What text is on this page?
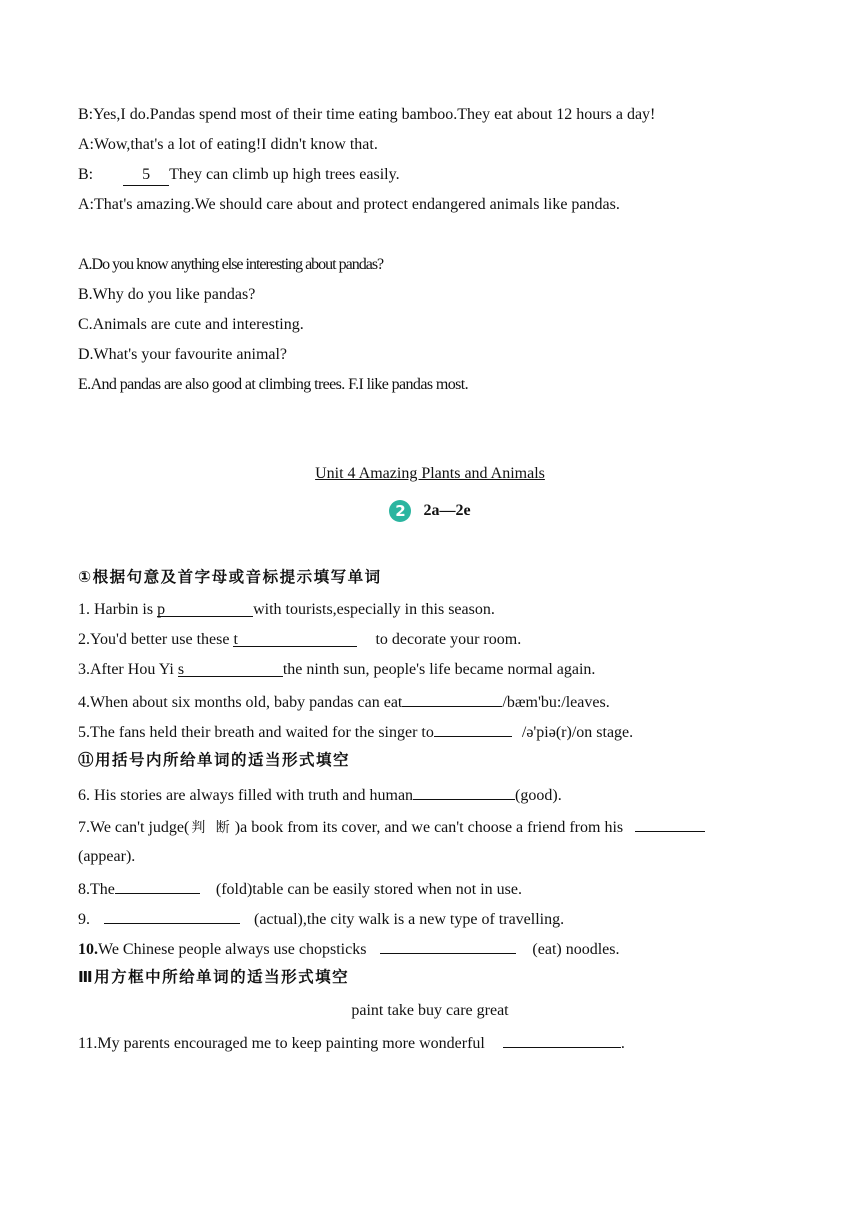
B:Yes,I do.Pandas spend most of their time eating bamboo.They eat about 12 hours a day!
A:Wow,that's a lot of eating!I didn't know that.
B:	5 They can climb up high trees easily.
A:That's amazing.We should care about and protect endangered animals like pandas.
A.Do you know anything else interesting about pandas?
B.Why do you like pandas?
C.Animals are cute and interesting.
D.What's your favourite animal?
E.And pandas are also good at climbing trees. F.I like pandas most.
Unit 4 Amazing Plants and Animals
2 2a—2e
①根据句意及首字母或音标提示填写单词
1. Harbin is p	with tourists,especially in this season.
2.You'd better use these t	to decorate your room.
3.After Hou Yi s	the ninth sun, people's life became normal again.
4.When about six months old, baby pandas can eat	/bæm'bu:/leaves.
5.The fans held their breath and waited for the singer to	/ə'piə(r)/on stage.
⑪用括号内所给单词的适当形式填空
6. His stories are always filled with truth and human	(good).
7.We can't judge( 判 断 )a book from its cover, and we can't choose a friend from his
(appear).
8.The	(fold)table can be easily stored when not in use.
9.	(actual),the city walk is a new type of travelling.
10.We Chinese people always use chopsticks	(eat) noodles.
Ⅲ用方框中所给单词的适当形式填空
paint take buy care great
11.My parents encouraged me to keep painting more wonderful	.
